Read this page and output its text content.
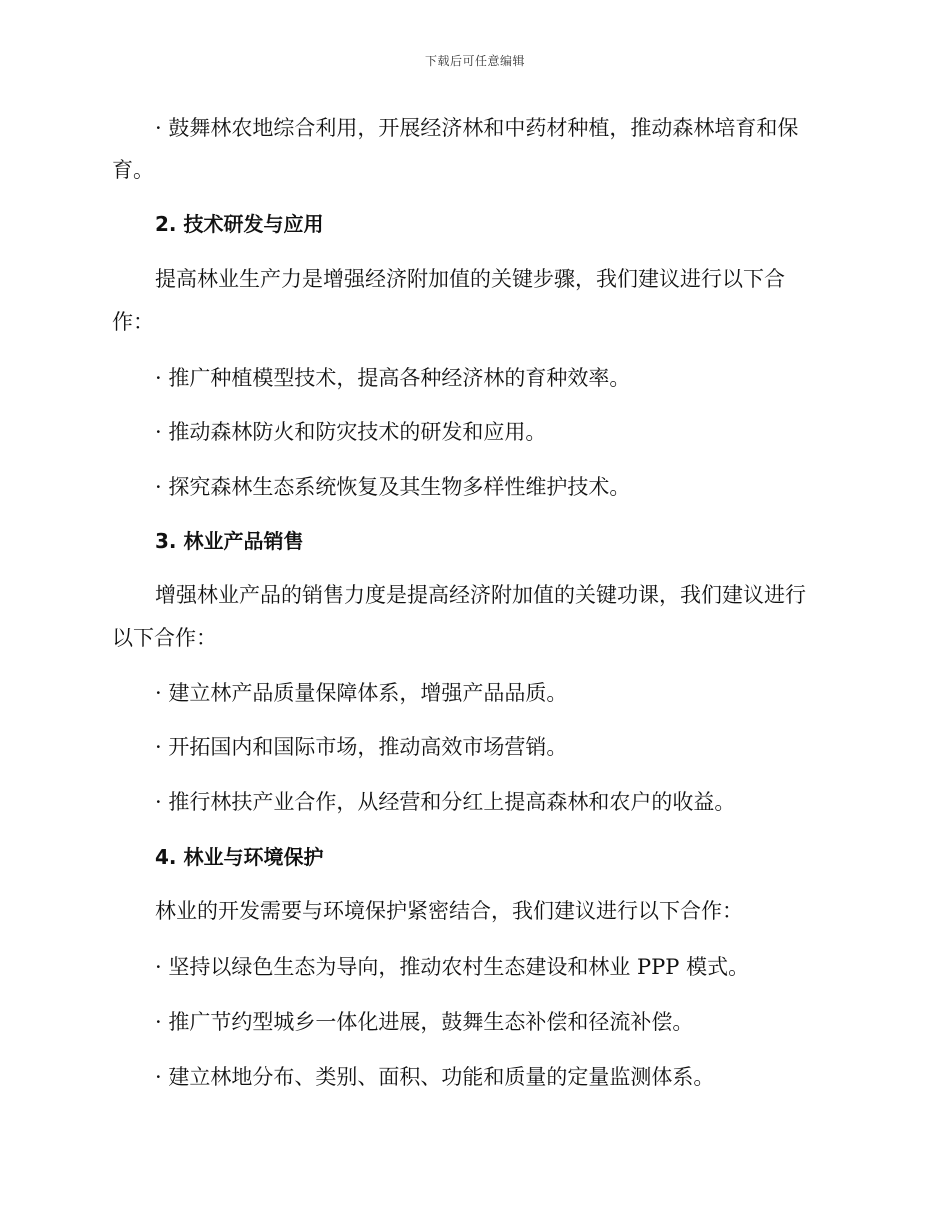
下载后可任意编辑
· 鼓舞林农地综合利用，开展经济林和中药材种植，推动森林培育和保
育。
2. 技术研发与应用
提高林业生产力是增强经济附加值的关键步骤，我们建议进行以下合
作：
· 推广种植模型技术，提高各种经济林的育种效率。
· 推动森林防火和防灾技术的研发和应用。
· 探究森林生态系统恢复及其生物多样性维护技术。
3. 林业产品销售
增强林业产品的销售力度是提高经济附加值的关键功课，我们建议进行
以下合作：
· 建立林产品质量保障体系，增强产品品质。
· 开拓国内和国际市场，推动高效市场营销。
· 推行林扶产业合作，从经营和分红上提高森林和农户的收益。
4. 林业与环境保护
林业的开发需要与环境保护紧密结合，我们建议进行以下合作：
· 坚持以绿色生态为导向，推动农村生态建设和林业 PPP 模式。
· 推广节约型城乡一体化进展，鼓舞生态补偿和径流补偿。
· 建立林地分布、类别、面积、功能和质量的定量监测体系。
